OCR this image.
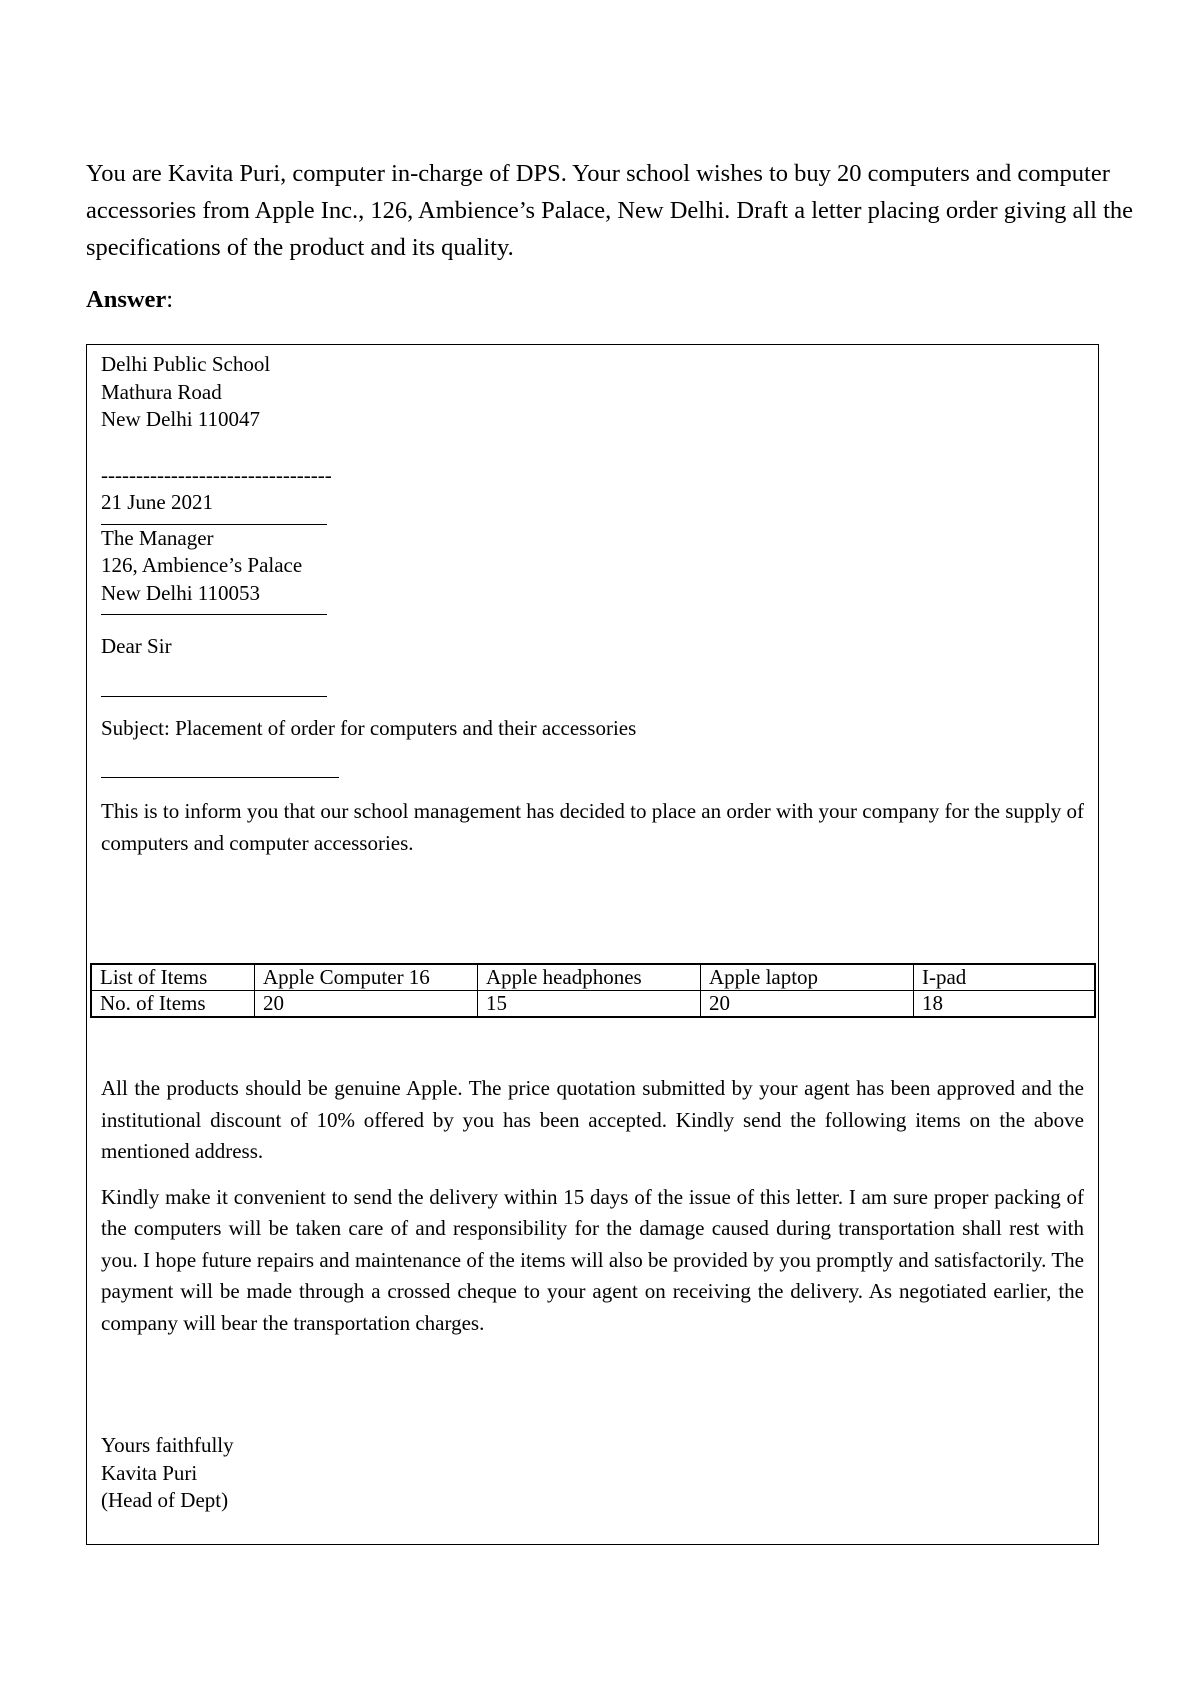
You are Kavita Puri, computer in-charge of DPS. Your school wishes to buy 20 computers and computer accessories from Apple Inc., 126, Ambience’s Palace, New Delhi. Draft a letter placing order giving all the specifications of the product and its quality.

Answer:

Delhi Public School
Mathura Road
New Delhi 110047
---------------------------------
21 June 2021
The Manager
126, Ambience’s Palace
New Delhi 110053
Dear Sir
Subject: Placement of order for computers and their accessories

This is to inform you that our school management has decided to place an order with your company for the supply of computers and computer accessories.

List of Items	Apple Computer 16	Apple headphones	Apple laptop	I-pad
No. of Items	20	15	20	18

All the products should be genuine Apple. The price quotation submitted by your agent has been approved and the institutional discount of 10% offered by you has been accepted. Kindly send the following items on the above mentioned address.

Kindly make it convenient to send the delivery within 15 days of the issue of this letter. I am sure proper packing of the computers will be taken care of and responsibility for the damage caused during transportation shall rest with you. I hope future repairs and maintenance of the items will also be provided by you promptly and satisfactorily. The payment will be made through a crossed cheque to your agent on receiving the delivery. As negotiated earlier, the company will bear the transportation charges.

Yours faithfully
Kavita Puri
(Head of Dept)
